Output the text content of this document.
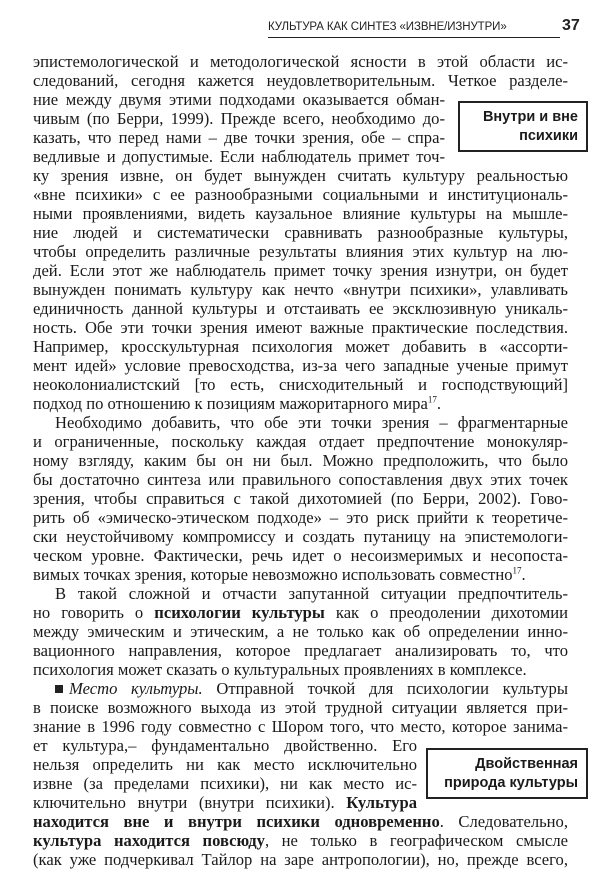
КУЛЬТУРА КАК СИНТЕЗ «ИЗВНЕ/ИЗНУТРИ»	37
эпистемологической и методологической ясности в этой области ис-
следований, сегодня кажется неудовлетворительным. Четкое разделе-
ние между двумя этими подходами оказывается обман-
чивым (по Берри, 1999). Прежде всего, необходимо до-
казать, что перед нами – две точки зрения, обе – спра-
ведливые и допустимые. Если наблюдатель примет точ-
ку зрения извне, он будет вынужден считать культуру реальностью
«вне психики» с ее разнообразными социальными и институциональ-
ными проявлениями, видеть каузальное влияние культуры на мышле-
ние людей и систематически сравнивать разнообразные культуры,
чтобы определить различные результаты влияния этих культур на лю-
дей. Если этот же наблюдатель примет точку зрения изнутри, он будет
вынужден понимать культуру как нечто «внутри психики», улавливать
единичность данной культуры и отстаивать ее эксклюзивную уникаль-
ность. Обе эти точки зрения имеют важные практические последствия.
Например, кросскультурная психология может добавить в «ассорти-
мент идей» условие превосходства, из-за чего западные ученые примут
неоколониалистский [то есть, снисходительный и господствующий]
подход по отношению к позициям мажоритарного мира$^{17}$.
Необходимо добавить, что обе эти точки зрения – фрагментарные
и ограниченные, поскольку каждая отдает предпочтение монокуляр-
ному взгляду, каким бы он ни был. Можно предположить, что было
бы достаточно синтеза или правильного сопоставления двух этих точек
зрения, чтобы справиться с такой дихотомией (по Берри, 2002). Гово-
рить об «эмическо-этическом подходе» – это риск прийти к теоретиче-
ски неустойчивому компромиссу и создать путаницу на эпистемологи-
ческом уровне. Фактически, речь идет о несоизмеримых и несопоста-
вимых точках зрения, которые невозможно использовать совместно$^{17}$.
В такой сложной и отчасти запутанной ситуации предпочтитель-
но говорить о психологии культуры как о преодолении дихотомии
между эмическим и этическим, а не только как об определении инно-
вационного направления, которое предлагает анализировать то, что
психология может сказать о культуральных проявлениях в комплексе.
Место культуры. Отправной точкой для психологии культуры
в поиске возможного выхода из этой трудной ситуации является при-
знание в 1996 году совместно с Шором того, что место, которое занима-
ет культура,– фундаментально двойственно. Его
нельзя определить ни как место исключительно
извне (за пределами психики), ни как место ис-
ключительно внутри (внутри психики). Культура
находится вне и внутри психики одновременно. Следовательно,
культура находится повсюду, не только в географическом смысле
(как уже подчеркивал Тайлор на заре антропологии), но, прежде всего,
Внутри и вне
психики
Двойственная
природа культуры
